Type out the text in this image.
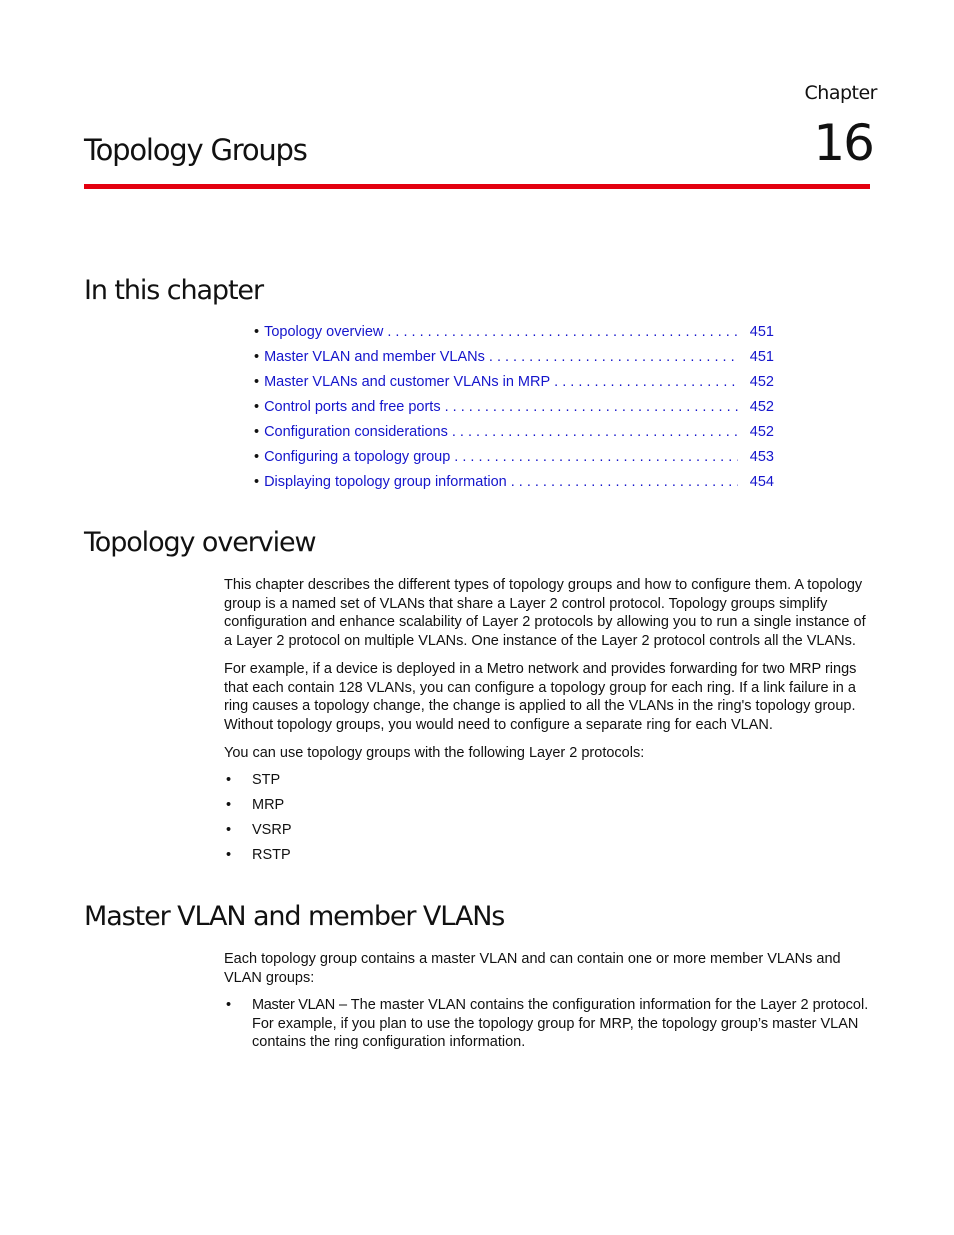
Chapter
16
Topology Groups
In this chapter
• Topology overview . . .	451
• Master VLAN and member VLANs . . .	451
• Master VLANs and customer VLANs in MRP . . .	452
• Control ports and free ports . . .	452
• Configuration considerations . . .	452
• Configuring a topology group . . .	453
• Displaying topology group information . . .	454
Topology overview

This chapter describes the different types of topology groups and how to configure them. A topology group is a named set of VLANs that share a Layer 2 control protocol. Topology groups simplify configuration and enhance scalability of Layer 2 protocols by allowing you to run a single instance of a Layer 2 protocol on multiple VLANs. One instance of the Layer 2 protocol controls all the VLANs.

For example, if a device is deployed in a Metro network and provides forwarding for two MRP rings that each contain 128 VLANs, you can configure a topology group for each ring. If a link failure in a ring causes a topology change, the change is applied to all the VLANs in the ring's topology group. Without topology groups, you would need to configure a separate ring for each VLAN.

You can use topology groups with the following Layer 2 protocols:

• STP
• MRP
• VSRP
• RSTP
Master VLAN and member VLANs

Each topology group contains a master VLAN and can contain one or more member VLANs and VLAN groups:

• Master VLAN – The master VLAN contains the configuration information for the Layer 2 protocol. For example, if you plan to use the topology group for MRP, the topology group’s master VLAN contains the ring configuration information.
